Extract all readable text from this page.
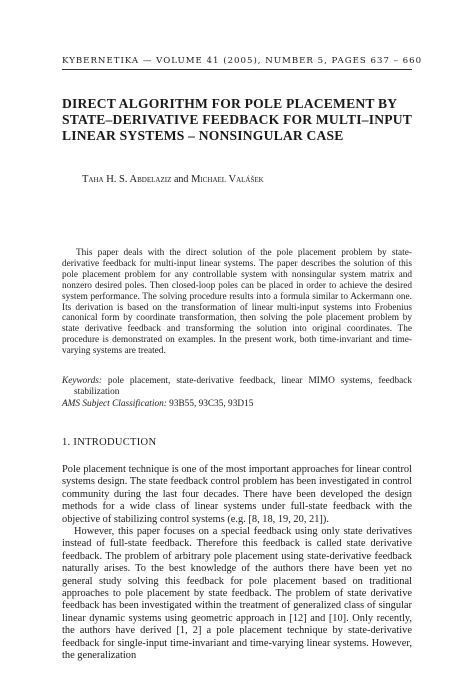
KYBERNETIKA — VOLUME 41 (2005), NUMBER 5, PAGES 637 – 660
DIRECT ALGORITHM FOR POLE PLACEMENT BY
STATE–DERIVATIVE FEEDBACK FOR MULTI–INPUT
LINEAR SYSTEMS – NONSINGULAR CASE
Taha H. S. Abdelaziz and Michael Valášek
This paper deals with the direct solution of the pole placement problem by state-derivative feedback for multi-input linear systems. The paper describes the solution of this pole placement problem for any controllable system with nonsingular system matrix and nonzero desired poles. Then closed-loop poles can be placed in order to achieve the desired system performance. The solving procedure results into a formula similar to Ackermann one. Its derivation is based on the transformation of linear multi-input systems into Frobenius canonical form by coordinate transformation, then solving the pole placement problem by state derivative feedback and transforming the solution into original coordinates. The procedure is demonstrated on examples. In the present work, both time-invariant and time-varying systems are treated.
Keywords: pole placement, state-derivative feedback, linear MIMO systems, feedback stabilization
AMS Subject Classification: 93B55, 93C35, 93D15
1. INTRODUCTION

Pole placement technique is one of the most important approaches for linear control systems design. The state feedback control problem has been investigated in control community during the last four decades. There have been developed the design methods for a wide class of linear systems under full-state feedback with the objective of stabilizing control systems (e.g. [8, 18, 19, 20, 21]).

However, this paper focuses on a special feedback using only state derivatives instead of full-state feedback. Therefore this feedback is called state derivative feedback. The problem of arbitrary pole placement using state-derivative feedback naturally arises. To the best knowledge of the authors there have been yet no general study solving this feedback for pole placement based on traditional approaches to pole placement by state feedback. The problem of state derivative feedback has been investigated within the treatment of generalized class of singular linear dynamic systems using geometric approach in [12] and [10]. Only recently, the authors have derived [1, 2] a pole placement technique by state-derivative feedback for single-input time-invariant and time-varying linear systems. However, the generalization
